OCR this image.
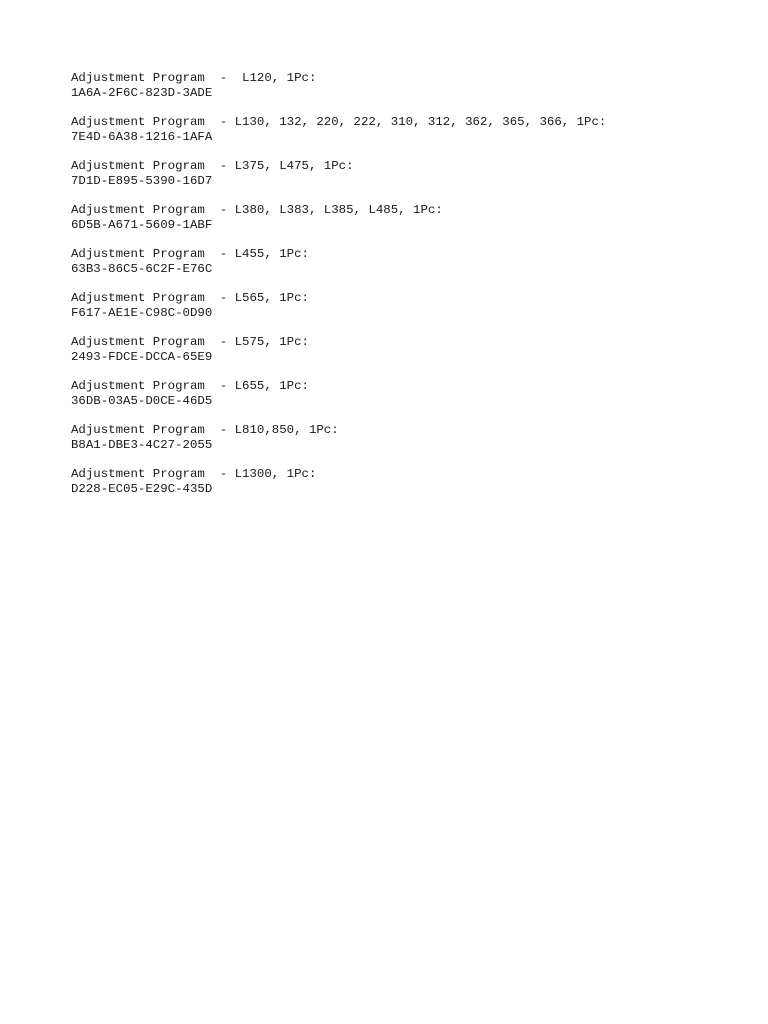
Adjustment Program  -  L120, 1Pc:
1A6A-2F6C-823D-3ADE
Adjustment Program  - L130, 132, 220, 222, 310, 312, 362, 365, 366, 1Pc:
7E4D-6A38-1216-1AFA
Adjustment Program  - L375, L475, 1Pc:
7D1D-E895-5390-16D7
Adjustment Program  - L380, L383, L385, L485, 1Pc:
6D5B-A671-5609-1ABF
Adjustment Program  - L455, 1Pc:
63B3-86C5-6C2F-E76C
Adjustment Program  - L565, 1Pc:
F617-AE1E-C98C-0D90
Adjustment Program  - L575, 1Pc:
2493-FDCE-DCCA-65E9
Adjustment Program  - L655, 1Pc:
36DB-03A5-D0CE-46D5
Adjustment Program  - L810,850, 1Pc:
B8A1-DBE3-4C27-2055
Adjustment Program  - L1300, 1Pc:
D228-EC05-E29C-435D
